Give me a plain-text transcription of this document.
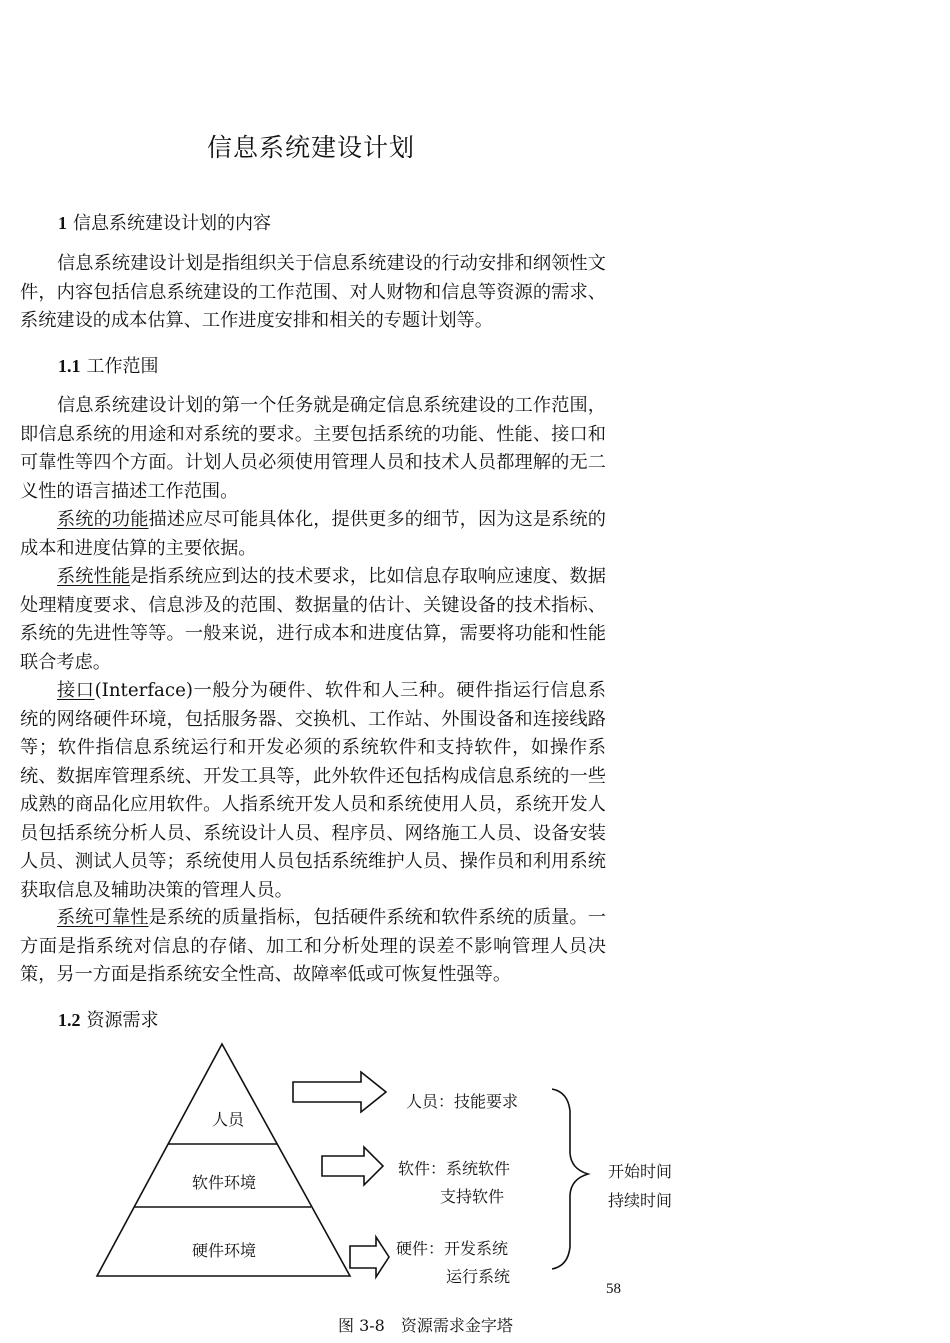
信息系统建设计划
1 信息系统建设计划的内容
信息系统建设计划是指组织关于信息系统建设的行动安排和纲领性文件，内容包括信息系统建设的工作范围、对人财物和信息等资源的需求、系统建设的成本估算、工作进度安排和相关的专题计划等。
1.1 工作范围
信息系统建设计划的第一个任务就是确定信息系统建设的工作范围，即信息系统的用途和对系统的要求。主要包括系统的功能、性能、接口和可靠性等四个方面。计划人员必须使用管理人员和技术人员都理解的无二义性的语言描述工作范围。
系统的功能描述应尽可能具体化，提供更多的细节，因为这是系统的成本和进度估算的主要依据。
系统性能是指系统应到达的技术要求，比如信息存取响应速度、数据处理精度要求、信息涉及的范围、数据量的估计、关键设备的技术指标、系统的先进性等等。一般来说，进行成本和进度估算，需要将功能和性能联合考虑。
接口(Interface)一般分为硬件、软件和人三种。硬件指运行信息系统的网络硬件环境，包括服务器、交换机、工作站、外围设备和连接线路等；软件指信息系统运行和开发必须的系统软件和支持软件，如操作系统、数据库管理系统、开发工具等，此外软件还包括构成信息系统的一些成熟的商品化应用软件。人指系统开发人员和系统使用人员，系统开发人员包括系统分析人员、系统设计人员、程序员、网络施工人员、设备安装人员、测试人员等；系统使用人员包括系统维护人员、操作员和利用系统获取信息及辅助决策的管理人员。
系统可靠性是系统的质量指标，包括硬件系统和软件系统的质量。一方面是指系统对信息的存储、加工和分析处理的误差不影响管理人员决策，另一方面是指系统安全性高、故障率低或可恢复性强等。
1.2 资源需求
人员
软件环境
硬件环境
人员：技能要求
软件：系统软件
支持软件
硬件：开发系统
运行系统
开始时间
持续时间
58
图 3-8　资源需求金字塔
